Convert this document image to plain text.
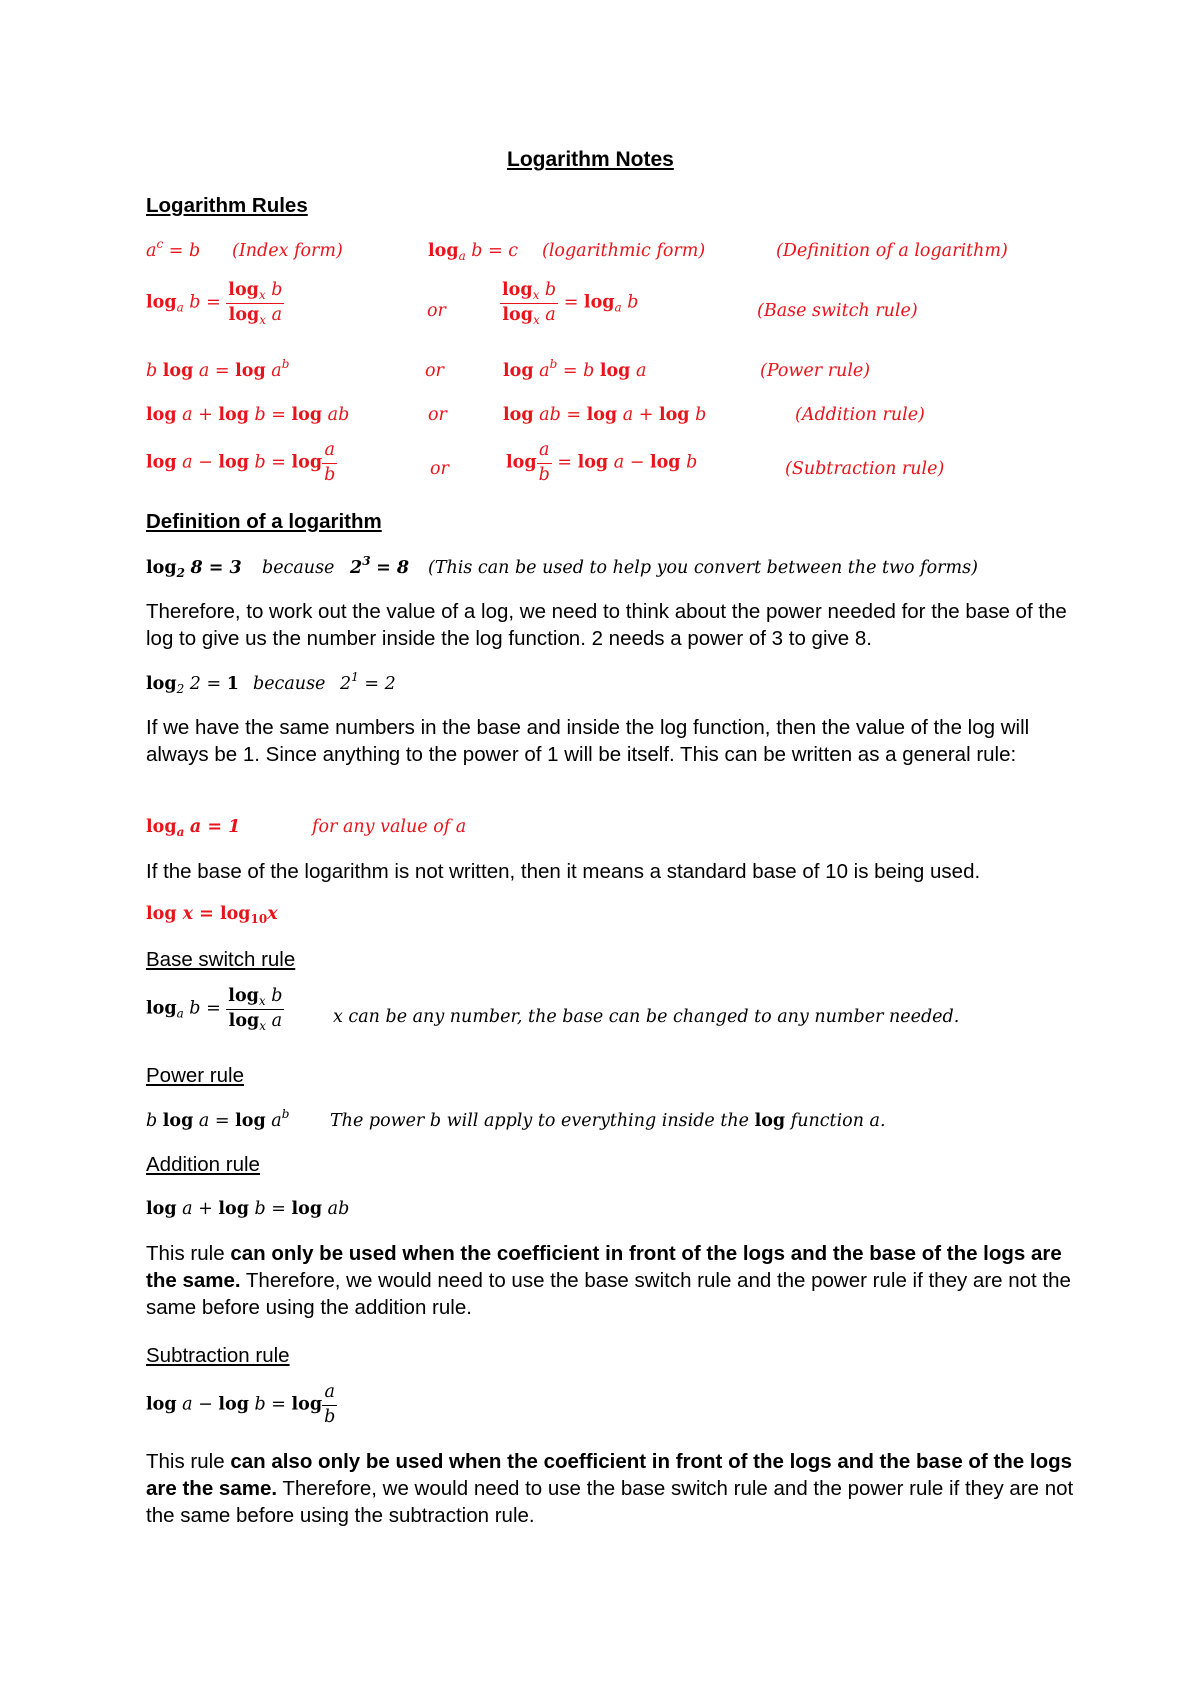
Logarithm Notes
Logarithm Rules
$a^c = b$ (Index form)	$\log_a b = c$ (logarithmic form)	(Definition of a logarithm)
$\log_a b = \frac{\log_x b}{\log_x a}$	or	$\frac{\log_x b}{\log_x a} = \log_a b$	(Base switch rule)
b $\log a = \log a^b$	or	$\log a^b = b$ log a	(Power rule)
log a + log b = log ab	or	log ab = log a + log b	(Addition rule)
$\log a - \log b = \log \frac{a}{b}$	or	$\log \frac{a}{b} = \log a - \log b$	(Subtraction rule)
Definition of a logarithm
$\log_2 8 = 3$ because $2^3 = 8$ (This can be used to help you convert between the two forms)
Therefore, to work out the value of a log, we need to think about the power needed for the base of the log to give us the number inside the log function. 2 needs a power of 3 to give 8.
$\log_2 2 = 1$ because $2^1 = 2$
If we have the same numbers in the base and inside the log function, then the value of the log will always be 1. Since anything to the power of 1 will be itself. This can be written as a general rule:
$\log_a a = 1$	for any value of a
If the base of the logarithm is not written, then it means a standard base of 10 is being used.
$\log x = \log_{10}x$
Base switch rule
$\log_a b = \frac{\log_x b}{\log_x a}$	x can be any number, the base can be changed to any number needed.
Power rule
b $\log a = \log a^b$ The power b will apply to everything inside the log function a.
Addition rule
log a + log b = log ab
This rule can only be used when the coefficient in front of the logs and the base of the logs are the same. Therefore, we would need to use the base switch rule and the power rule if they are not the same before using the addition rule.
Subtraction rule
$\log a - \log b = \log \frac{a}{b}$
This rule can also only be used when the coefficient in front of the logs and the base of the logs are the same. Therefore, we would need to use the base switch rule and the power rule if they are not the same before using the subtraction rule.
